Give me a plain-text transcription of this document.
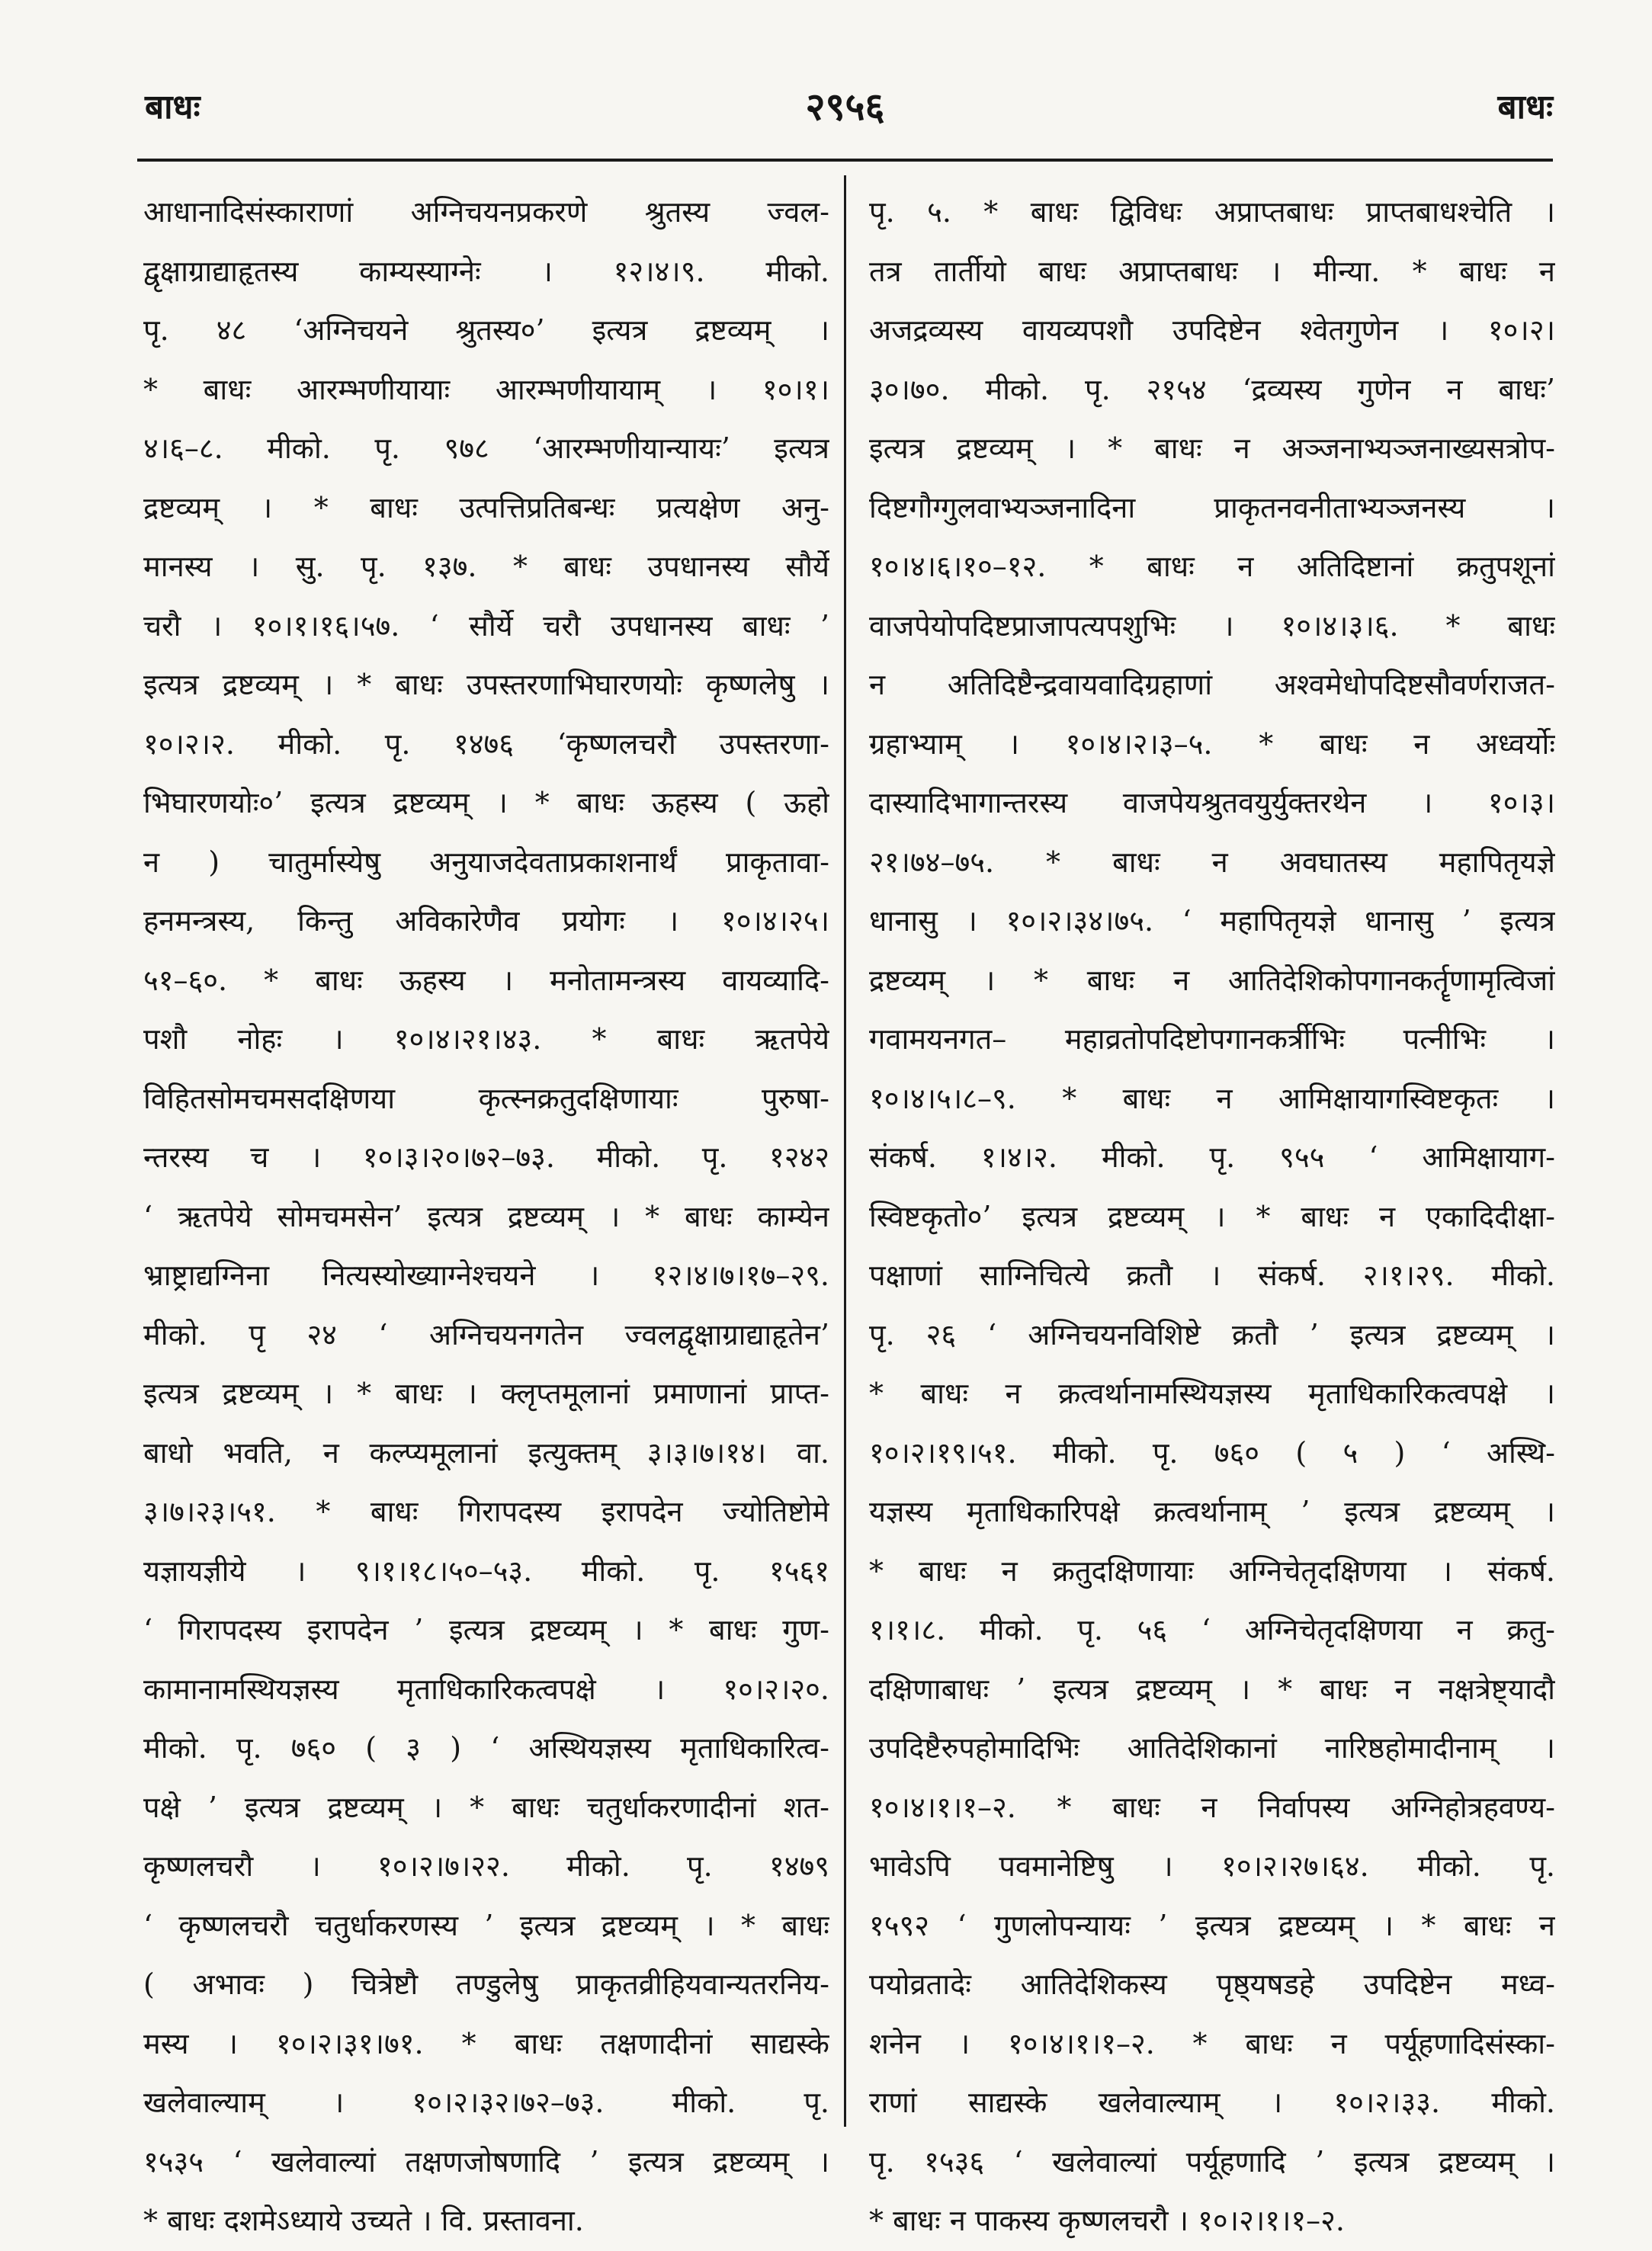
बाधः	२९५६	बाधः
आधानादिसंस्काराणां अग्निचयनप्रकरणे श्रुतस्य ज्वल-
द्वृक्षाग्राद्याहृतस्य काम्यस्याग्नेः । १२।४।९. मीको.
पृ. ४८ ‘अग्निचयने श्रुतस्य०’ इत्यत्र द्रष्टव्यम् ।
* बाधः आरम्भणीयायाः आरम्भणीयायाम् । १०।१।
४।६–८. मीको. पृ. ९७८ ‘आरम्भणीयान्यायः’ इत्यत्र
द्रष्टव्यम् । * बाधः उत्पत्तिप्रतिबन्धः प्रत्यक्षेण अनु-
मानस्य । सु. पृ. १३७. * बाधः उपधानस्य सौर्ये
चरौ । १०।१।१६।५७. ‘ सौर्ये चरौ उपधानस्य बाधः ’
इत्यत्र द्रष्टव्यम् । * बाधः उपस्तरणाभिघारणयोः कृष्णलेषु ।
१०।२।२. मीको. पृ. १४७६ ‘कृष्णलचरौ उपस्तरणा-
भिघारणयोः०’ इत्यत्र द्रष्टव्यम् । * बाधः ऊहस्य ( ऊहो
न ) चातुर्मास्येषु अनुयाजदेवताप्रकाशनार्थं प्राकृतावा-
हनमन्त्रस्य, किन्तु अविकारेणैव प्रयोगः । १०।४।२५।
५१–६०. * बाधः ऊहस्य । मनोतामन्त्रस्य वायव्यादि-
पशौ नोहः । १०।४।२१।४३. * बाधः ऋतपेये
विहितसोमचमसदक्षिणया कृत्स्नक्रतुदक्षिणायाः पुरुषा-
न्तरस्य च । १०।३।२०।७२–७३. मीको. पृ. १२४२
‘ ऋतपेये सोमचमसेन’ इत्यत्र द्रष्टव्यम् । * बाधः काम्येन
भ्राष्ट्राद्यग्निना नित्यस्योख्याग्नेश्चयने । १२।४।७।१७–२९.
मीको. पृ २४ ‘ अग्निचयनगतेन ज्वलद्वृक्षाग्राद्याहृतेन’
इत्यत्र द्रष्टव्यम् । * बाधः । क्लृप्तमूलानां प्रमाणानां प्राप्त-
बाधो भवति, न कल्प्यमूलानां इत्युक्तम् ३।३।७।१४। वा.
३।७।२३।५१. * बाधः गिरापदस्य इरापदेन ज्योतिष्टोमे
यज्ञायज्ञीये । ९।१।१८।५०–५३. मीको. पृ. १५६१
‘ गिरापदस्य इरापदेन ’ इत्यत्र द्रष्टव्यम् । * बाधः गुण-
कामानामस्थियज्ञस्य मृताधिकारिकत्वपक्षे । १०।२।२०.
मीको. पृ. ७६० ( ३ ) ‘ अस्थियज्ञस्य मृताधिकारित्व-
पक्षे ’ इत्यत्र द्रष्टव्यम् । * बाधः चतुर्धाकरणादीनां शत-
कृष्णलचरौ । १०।२।७।२२. मीको. पृ. १४७९
‘ कृष्णलचरौ चतुर्धाकरणस्य ’ इत्यत्र द्रष्टव्यम् । * बाधः
( अभावः ) चित्रेष्टौ तण्डुलेषु प्राकृतव्रीहियवान्यतरनिय-
मस्य । १०।२।३१।७१. * बाधः तक्षणादीनां साद्यस्के
खलेवाल्याम् । १०।२।३२।७२–७३. मीको. पृ.
१५३५ ‘ खलेवाल्यां तक्षणजोषणादि ’ इत्यत्र द्रष्टव्यम् ।
* बाधः दशमेऽध्याये उच्यते । वि. प्रस्तावना.
पृ. ५. * बाधः द्विविधः अप्राप्तबाधः प्राप्तबाधश्चेति ।
तत्र तार्तीयो बाधः अप्राप्तबाधः । मीन्या. * बाधः न
अजद्रव्यस्य वायव्यपशौ उपदिष्टेन श्वेतगुणेन । १०।२।
३०।७०. मीको. पृ. २१५४ ‘द्रव्यस्य गुणेन न बाधः’
इत्यत्र द्रष्टव्यम् । * बाधः न अञ्जनाभ्यञ्जनाख्यसत्रोप-
दिष्टगौग्गुलवाभ्यञ्जनादिना प्राकृतनवनीताभ्यञ्जनस्य ।
१०।४।६।१०–१२. * बाधः न अतिदिष्टानां क्रतुपशूनां
वाजपेयोपदिष्टप्राजापत्यपशुभिः । १०।४।३।६. * बाधः
न अतिदिष्टैन्द्रवायवादिग्रहाणां अश्वमेधोपदिष्टसौवर्णराजत-
ग्रहाभ्याम् । १०।४।२।३–५. * बाधः न अध्वर्योः
दास्यादिभागान्तरस्य वाजपेयश्रुतवयुर्युक्तरथेन । १०।३।
२१।७४–७५. * बाधः न अवघातस्य महापितृयज्ञे
धानासु । १०।२।३४।७५. ‘ महापितृयज्ञे धानासु ’ इत्यत्र
द्रष्टव्यम् । * बाधः न आतिदेशिकोपगानकर्तॄणामृत्विजां
गवामयनगत– महाव्रतोपदिष्टोपगानकर्त्रीभिः पत्नीभिः ।
१०।४।५।८–९. * बाधः न आमिक्षायागस्विष्टकृतः ।
संकर्ष. १।४।२. मीको. पृ. ९५५ ‘ आमिक्षायाग-
स्विष्टकृतो०’ इत्यत्र द्रष्टव्यम् । * बाधः न एकादिदीक्षा-
पक्षाणां साग्निचित्ये क्रतौ । संकर्ष. २।१।२९. मीको.
पृ. २६ ‘ अग्निचयनविशिष्टे क्रतौ ’ इत्यत्र द्रष्टव्यम् ।
* बाधः न क्रत्वर्थानामस्थियज्ञस्य मृताधिकारिकत्वपक्षे ।
१०।२।१९।५१. मीको. पृ. ७६० ( ५ ) ‘ अस्थि-
यज्ञस्य मृताधिकारिपक्षे क्रत्वर्थानाम् ’ इत्यत्र द्रष्टव्यम् ।
* बाधः न क्रतुदक्षिणायाः अग्निचेतृदक्षिणया । संकर्ष.
१।१।८. मीको. पृ. ५६ ‘ अग्निचेतृदक्षिणया न क्रतु-
दक्षिणाबाधः ’ इत्यत्र द्रष्टव्यम् । * बाधः न नक्षत्रेष्ट्यादौ
उपदिष्टैरुपहोमादिभिः आतिदेशिकानां नारिष्ठहोमादीनाम् ।
१०।४।१।१–२. * बाधः न निर्वापस्य अग्निहोत्रहवण्य-
भावेऽपि पवमानेष्टिषु । १०।२।२७।६४. मीको. पृ.
१५९२ ‘ गुणलोपन्यायः ’ इत्यत्र द्रष्टव्यम् । * बाधः न
पयोव्रतादेः आतिदेशिकस्य पृष्ठ्यषडहे उपदिष्टेन मध्व-
शनेन । १०।४।१।१–२. * बाधः न पर्यूहणादिसंस्का-
राणां साद्यस्के खलेवाल्याम् । १०।२।३३. मीको.
पृ. १५३६ ‘ खलेवाल्यां पर्यूहणादि ’ इत्यत्र द्रष्टव्यम् ।
* बाधः न पाकस्य कृष्णलचरौ । १०।२।१।१–२.
